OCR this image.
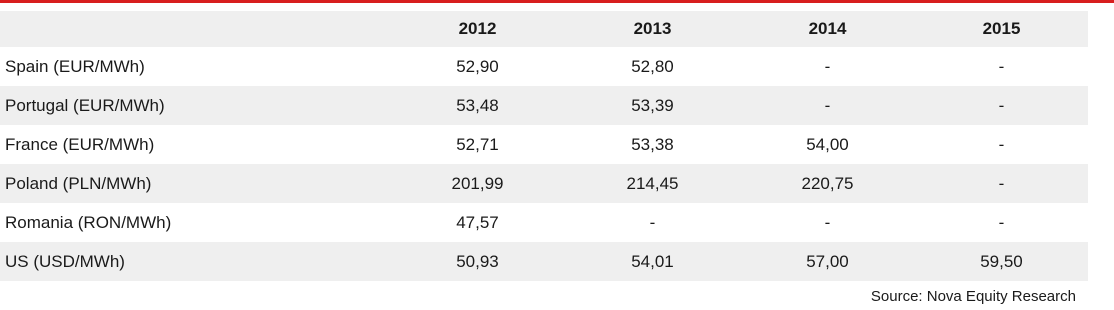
	2012	2013	2014	2015
Spain (EUR/MWh)	52,90	52,80	-	-
Portugal (EUR/MWh)	53,48	53,39	-	-
France (EUR/MWh)	52,71	53,38	54,00	-
Poland (PLN/MWh)	201,99	214,45	220,75	-
Romania (RON/MWh)	47,57	-	-	-
US (USD/MWh)	50,93	54,01	57,00	59,50
Source: Nova Equity Research
